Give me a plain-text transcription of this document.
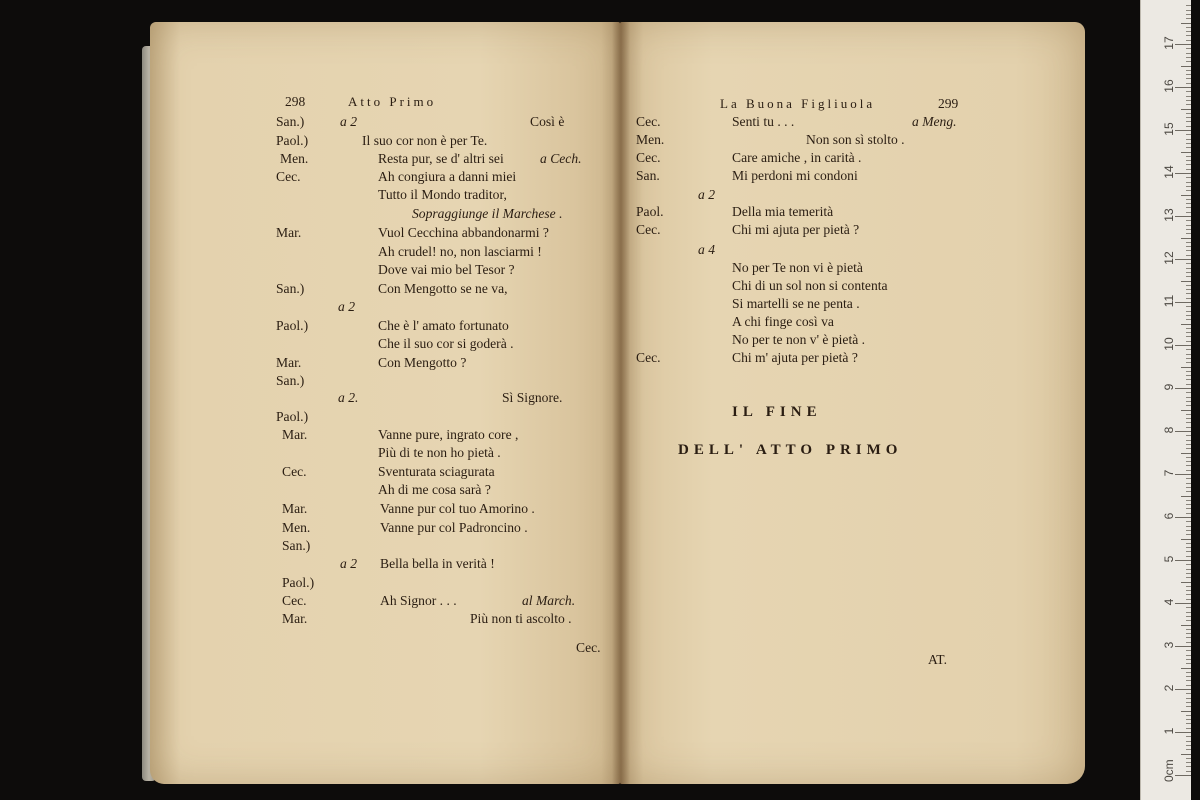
298	Atto Primo
San.)	a 2	Così è
Paol.)	Il suo cor non è per Te.
Men.	Resta pur, se d' altri sei	a Cech.
Cec.	Ah congiura a danni miei
Tutto il Mondo traditor,
Sopraggiunge il Marchese .
Mar.	Vuol Cecchina abbandonarmi ?
Ah crudel! no, non lasciarmi !
Dove vai mio bel Tesor ?
San.)	Con Mengotto se ne va,
a 2
Paol.)	Che è l' amato fortunato
Che il suo cor si goderà .
Mar.	Con Mengotto ?
San.)
a 2.	Sì Signore.
Paol.)
Mar.	Vanne pure, ingrato core ,
Più di te non ho pietà .
Cec.	Sventurata sciagurata
Ah di me cosa sarà ?
Mar.	Vanne pur col tuo Amorino .
Men.	Vanne pur col Padroncino .
San.)
a 2 Bella bella in verità !
Paol.)
Cec.	Ah Signor . . .	al March.
Mar.	Più non ti ascolto .
Cec.
La Buona Figliuola	299
Cec.	Senti tu . . .	a Meng.
Men.	Non son sì stolto .
Cec.	Care amiche , in carità .
San.	Mi perdoni mi condoni
a 2
Paol.	Della mia temerità
Cec.	Chi mi ajuta per pietà ?
a 4
No per Te non vi è pietà
Chi di un sol non si contenta
Si martelli se ne penta .
A chi finge così va
No per te non v' è pietà .
Cec.	Chi m' ajuta per pietà ?
IL FINE
DELL' ATTO PRIMO
AT.
0cm
1
2
3
4
5
6
7
8
9
10
11
12
13
14
15
16
17
